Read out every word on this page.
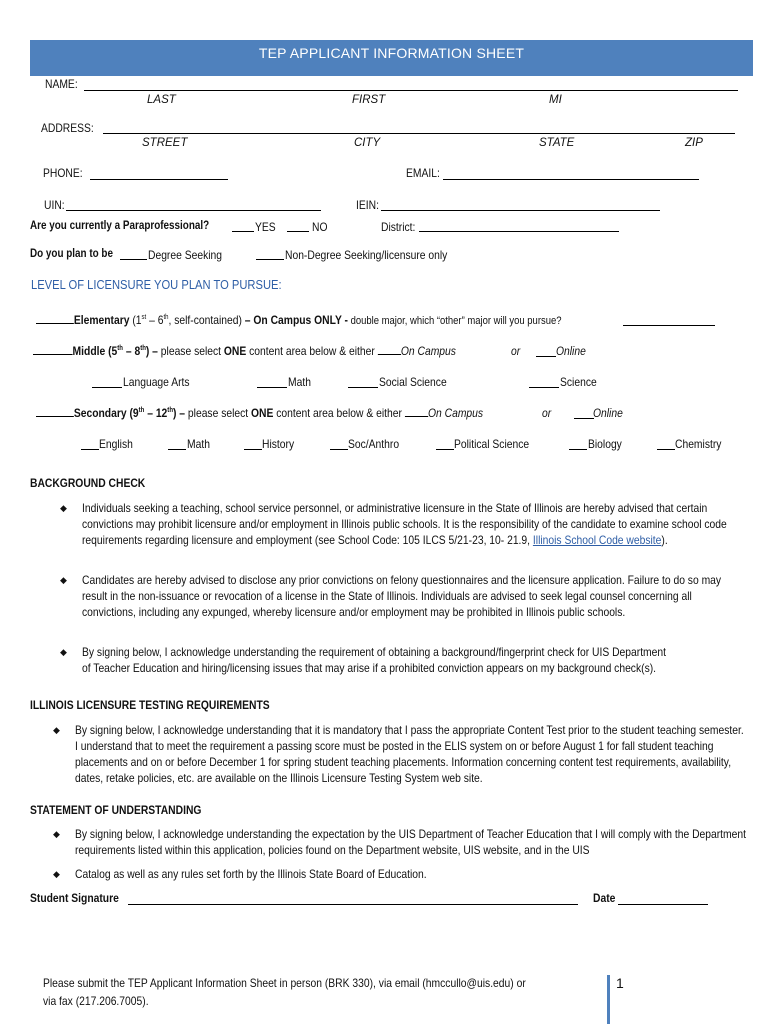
TEP APPLICANT INFORMATION SHEET
NAME:
LAST	FIRST	MI
ADDRESS:
STREET	CITY	STATE	ZIP
PHONE:	EMAIL:
UIN:	IEIN:
Are you currently a Paraprofessional?	YES	NO	District:
Do you plan to be	Degree Seeking	Non-Degree Seeking/licensure only
LEVEL OF LICENSURE YOU PLAN TO PURSUE:
Elementary (1st – 6th, self-contained) – On Campus ONLY - double major, which “other” major will you pursue?
Middle (5th – 8th) – please select ONE content area below & either On Campus	or	Online
Language Arts	Math	Social Science	Science
Secondary (9th – 12th) – please select ONE content area below & either On Campus	or	Online
English	Math	History	Soc/Anthro	Political Science	Biology	Chemistry
BACKGROUND CHECK
◆ Individuals seeking a teaching, school service personnel, or administrative licensure in the State of Illinois are hereby advised that certain convictions may prohibit licensure and/or employment in Illinois public schools. It is the responsibility of the candidate to examine school code requirements regarding licensure and employment (see School Code: 105 ILCS 5/21-23, 10- 21.9, Illinois School Code website).
◆ Candidates are hereby advised to disclose any prior convictions on felony questionnaires and the licensure application. Failure to do so may result in the non-issuance or revocation of a license in the State of Illinois. Individuals are advised to seek legal counsel concerning all convictions, including any expunged, whereby licensure and/or employment may be prohibited in Illinois public schools.
◆ By signing below, I acknowledge understanding the requirement of obtaining a background/fingerprint check for UIS Department of Teacher Education and hiring/licensing issues that may arise if a prohibited conviction appears on my background check(s).
ILLINOIS LICENSURE TESTING REQUIREMENTS
◆ By signing below, I acknowledge understanding that it is mandatory that I pass the appropriate Content Test prior to the student teaching semester. I understand that to meet the requirement a passing score must be posted in the ELIS system on or before August 1 for fall student teaching placements and on or before December 1 for spring student teaching placements. Information concerning content test requirements, availability, dates, retake policies, etc. are available on the Illinois Licensure Testing System web site.
STATEMENT OF UNDERSTANDING
◆ By signing below, I acknowledge understanding the expectation by the UIS Department of Teacher Education that I will comply with the Department requirements listed within this application, policies found on the Department website, UIS website, and in the UIS
◆ Catalog as well as any rules set forth by the Illinois State Board of Education.
Student Signature	Date
Please submit the TEP Applicant Information Sheet in person (BRK 330), via email (hmccullo@uis.edu) or
via fax (217.206.7005).
1
